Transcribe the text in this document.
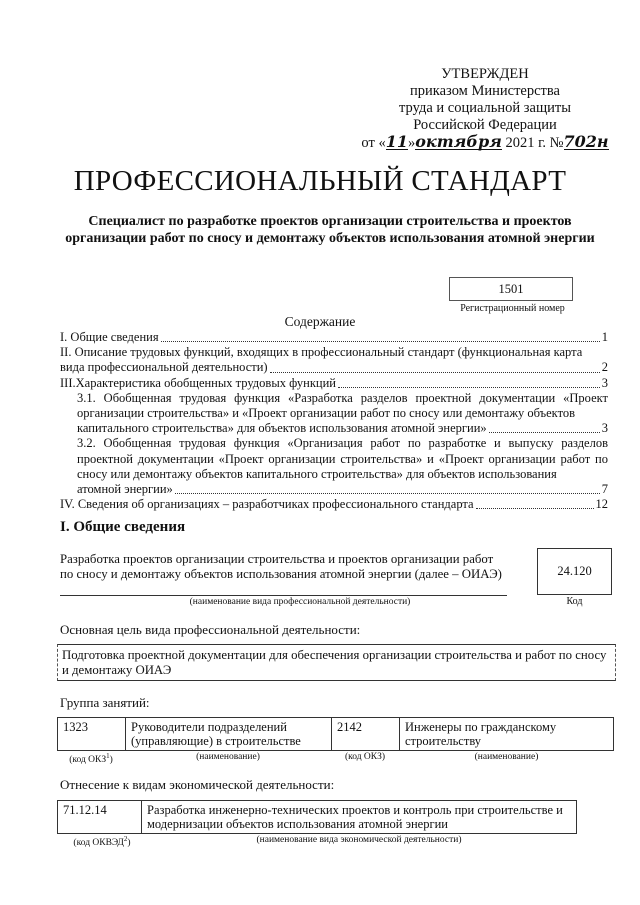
УТВЕРЖДЕН
приказом Министерства
труда и социальной защиты
Российской Федерации
от «11»октября 2021 г. №702н
ПРОФЕССИОНАЛЬНЫЙ СТАНДАРТ
Специалист по разработке проектов организации строительства и проектов организации работ по сносу и демонтажу объектов использования атомной энергии
1501
Регистрационный номер
Содержание
I. Общие сведения	1
II. Описание трудовых функций, входящих в профессиональный стандарт (функциональная карта
вида профессиональной деятельности)	2
III.Характеристика обобщенных трудовых функций	3
3.1. Обобщенная трудовая функция «Разработка разделов проектной документации «Проект организации строительства» и «Проект организации работ по сносу или демонтажу объектов
капитального строительства» для объектов использования атомной энергии»	3
3.2. Обобщенная трудовая функция «Организация работ по разработке и выпуску разделов проектной документации «Проект организации строительства» и «Проект организации работ по сносу или демонтажу объектов капитального строительства» для объектов использования
атомной энергии»	7
IV. Сведения об организациях – разработчиках профессионального стандарта	12
I. Общие сведения
Разработка проектов организации строительства и проектов организации работ по сносу и демонтажу объектов использования атомной энергии (далее – ОИАЭ)	24.120
(наименование вида профессиональной деятельности)	Код
Основная цель вида профессиональной деятельности:
Подготовка проектной документации для обеспечения организации строительства и работ по сносу и демонтажу ОИАЭ
Группа занятий:
1323	Руководители подразделений (управляющие) в строительстве	2142	Инженеры по гражданскому строительству
(код ОКЗ$^1$)	(наименование)	(код ОКЗ)	(наименование)
Отнесение к видам экономической деятельности:
71.12.14	Разработка инженерно-технических проектов и контроль при строительстве и модернизации объектов использования атомной энергии
(код ОКВЭД$^2$)	(наименование вида экономической деятельности)
